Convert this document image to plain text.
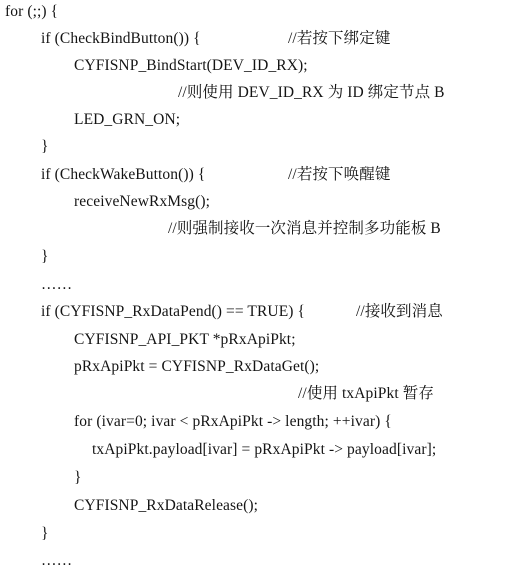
for (;;) {
if (CheckBindButton()) {	//若按下绑定键
CYFISNP_BindStart(DEV_ID_RX);
//则使用 DEV_ID_RX 为 ID 绑定节点 B
LED_GRN_ON;
}
if (CheckWakeButton()) {	//若按下唤醒键
receiveNewRxMsg();
//则强制接收一次消息并控制多功能板 B
}
……
if (CYFISNP_RxDataPend() == TRUE) {	//接收到消息
CYFISNP_API_PKT *pRxApiPkt;
pRxApiPkt = CYFISNP_RxDataGet();
//使用 txApiPkt 暂存
for (ivar=0; ivar < pRxApiPkt -> length; ++ivar) {
txApiPkt.payload[ivar] = pRxApiPkt -> payload[ivar];
}
CYFISNP_RxDataRelease();
}
……
